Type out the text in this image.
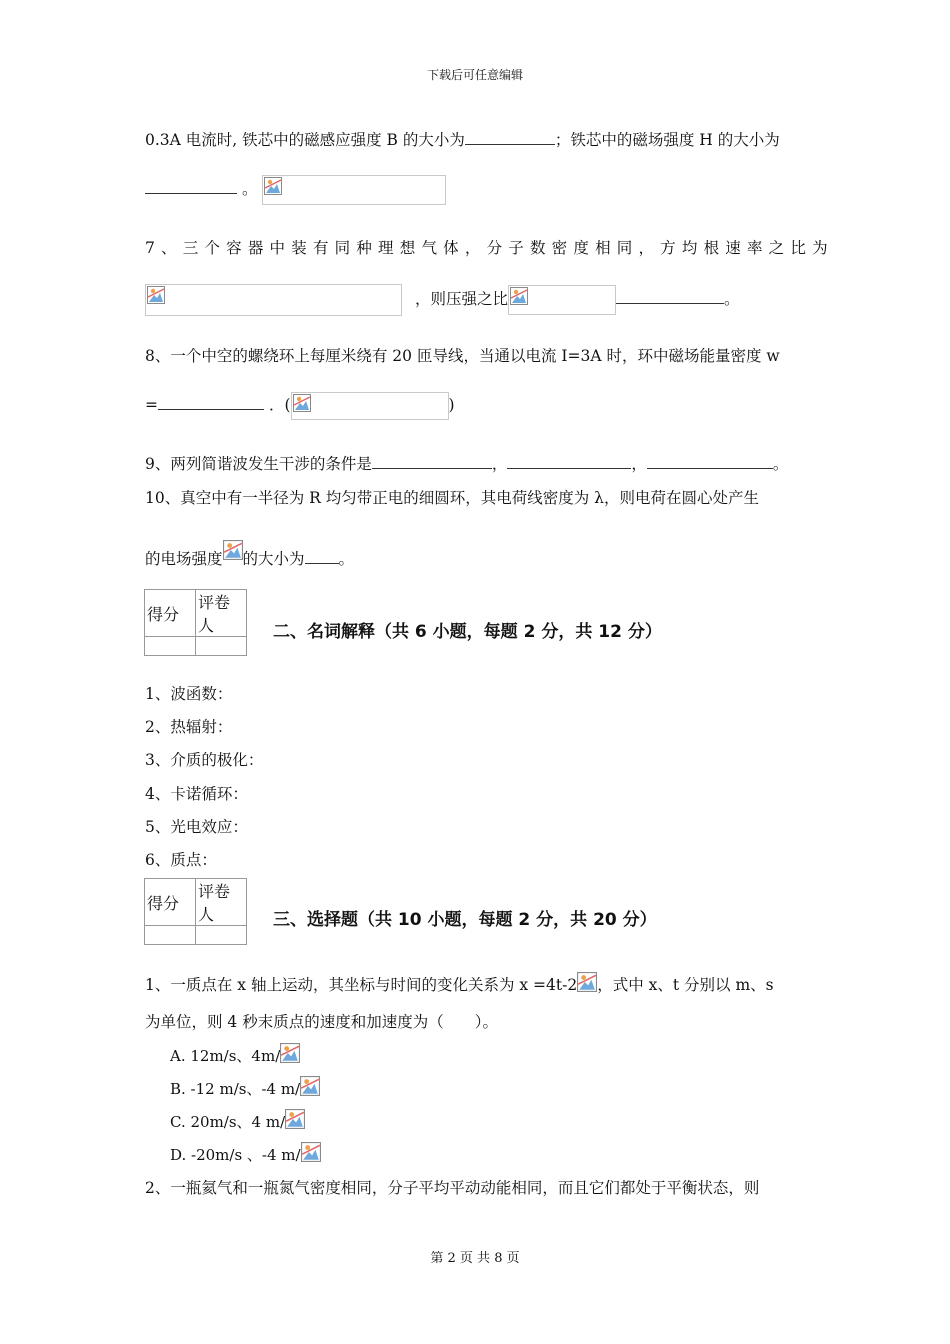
下载后可任意编辑
0.3A 电流时, 铁芯中的磁感应强度 B 的大小为	；铁芯中的磁场强度 H 的大小为
。
7、三个容器中装有同种理想气体，分子数密度相同，方均根速率之比为
，则压强之比	。
8、一个中空的螺绕环上每厘米绕有 20 匝导线，当通以电流 I=3A 时，环中磁场能量密度 w
=	．(	)
9、两列简谐波发生干涉的条件是	，	，	。
10、真空中有一半径为 R 均匀带正电的细圆环，其电荷线密度为 λ，则电荷在圆心处产生
的电场强度 的大小为 。
得分	评卷人
		二、名词解释（共 6 小题，每题 2 分，共 12 分）
1、波函数：
2、热辐射：
3、介质的极化：
4、卡诺循环：
5、光电效应：
6、质点：
得分	评卷人
		三、选择题（共 10 小题，每题 2 分，共 20 分）
1、一质点在 x 轴上运动，其坐标与时间的变化关系为 x =4t-2 ，式中 x、t 分别以 m、s
为单位，则 4 秒末质点的速度和加速度为（　　）。
A. 12m/s、4m/
B. -12 m/s、-4 m/
C. 20m/s、4 m/
D. -20m/s 、-4 m/
2、一瓶氦气和一瓶氮气密度相同，分子平均平动动能相同，而且它们都处于平衡状态，则
第 2 页 共 8 页
